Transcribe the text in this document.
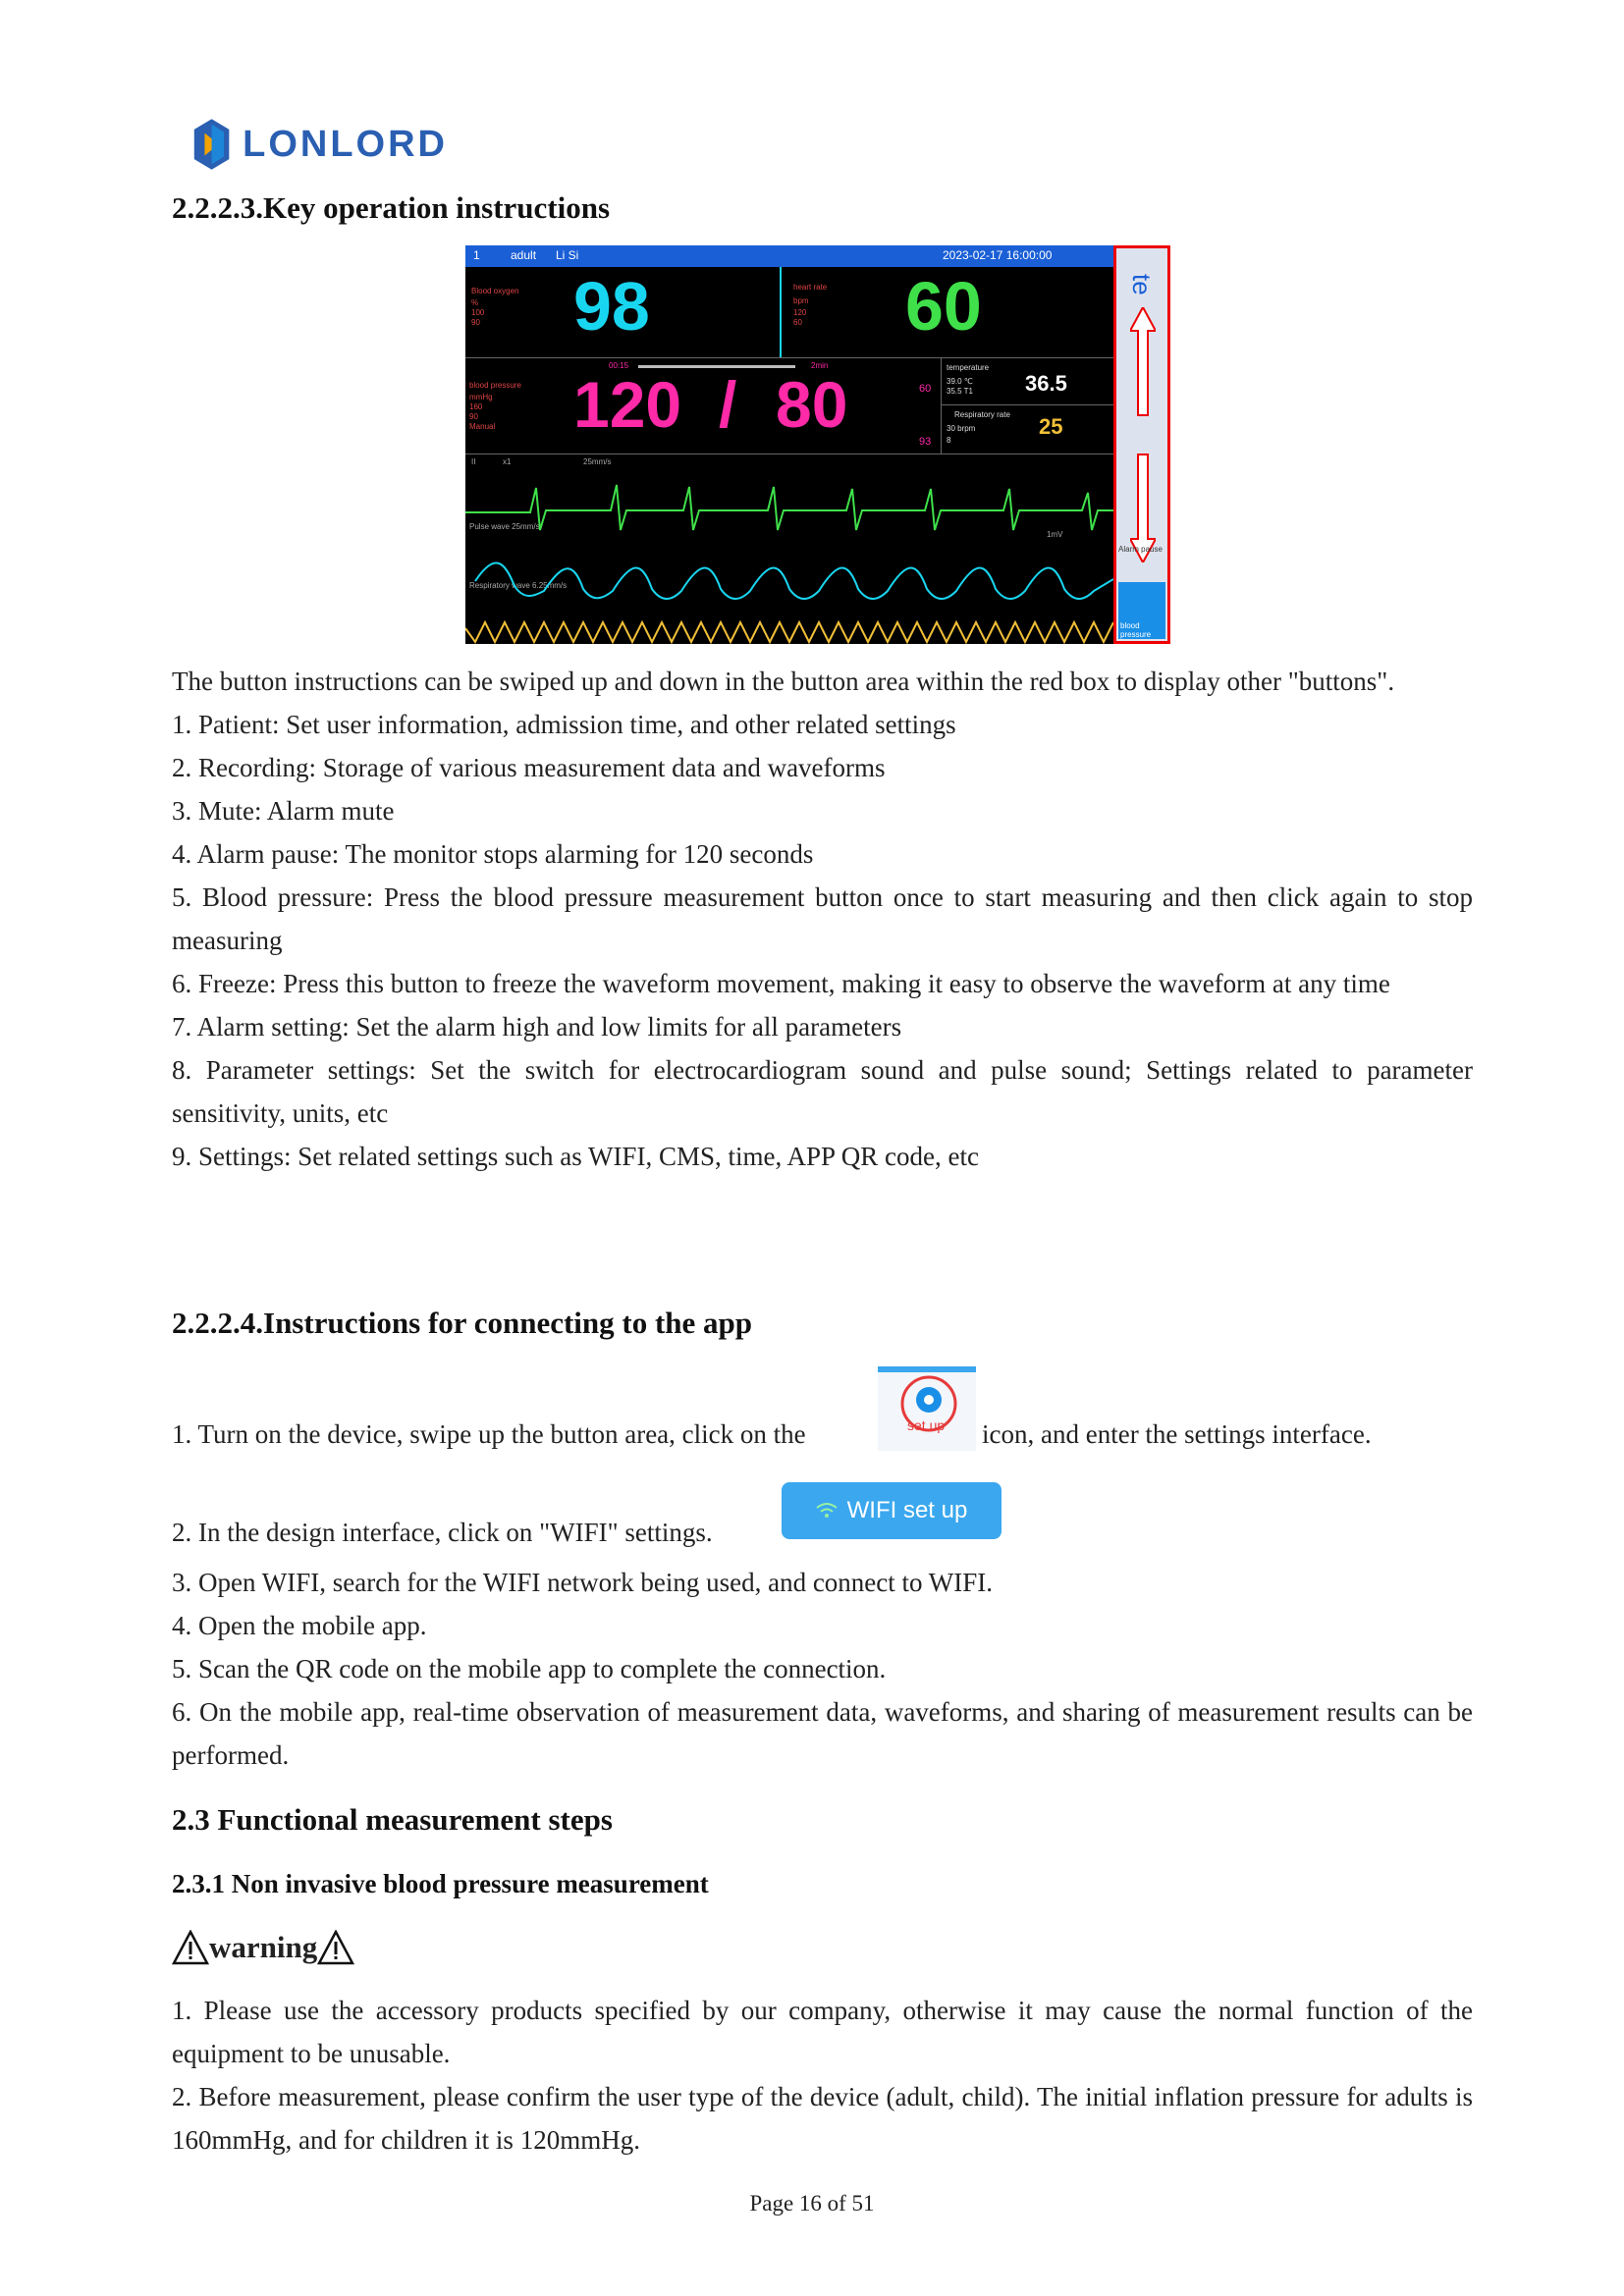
LONLORD
2.2.2.3.Key operation instructions
1	adult Li Si	2023-02-17 16:00:00
Blood oxygen
%
100
90 98	heart rate
bpm
120
60 60
blood pressure
mmHg
160
90
Manual
00:15	2min
120 / 80	60
93
temperature
39.0 ℃
35.5 T1 36.5
Respiratory rate
30 brpm
8
25
II	x1	25mm/s
1mV
Pulse wave 25mm/s
Respiratory wave 6.25mm/s
te
Alarm pause
blood pressure

The button instructions can be swiped up and down in the button area within the red box to display other "buttons".

1. Patient: Set user information, admission time, and other related settings

2. Recording: Storage of various measurement data and waveforms

3. Mute: Alarm mute

4. Alarm pause: The monitor stops alarming for 120 seconds

5. Blood pressure: Press the blood pressure measurement button once to start measuring and then click again to stop measuring

6. Freeze: Press this button to freeze the waveform movement, making it easy to observe the waveform at any time

7. Alarm setting: Set the alarm high and low limits for all parameters

8. Parameter settings: Set the switch for electrocardiogram sound and pulse sound; Settings related to parameter sensitivity, units, etc

9. Settings: Set related settings such as WIFI, CMS, time, APP QR code, etc

2.2.2.4.Instructions for connecting to the app
1. Turn on the device, swipe up the button area, click on the	set up icon, and enter the settings interface.
2. In the design interface, click on "WIFI" settings.
WIFI set up

3. Open WIFI, search for the WIFI network being used, and connect to WIFI.

4. Open the mobile app.

5. Scan the QR code on the mobile app to complete the connection.

6. On the mobile app, real-time observation of measurement data, waveforms, and sharing of measurement results can be performed.

2.3 Functional measurement steps
2.3.1 Non invasive blood pressure measurement
warning

1. Please use the accessory products specified by our company, otherwise it may cause the normal function of the equipment to be unusable.

2. Before measurement, please confirm the user type of the device (adult, child). The initial inflation pressure for adults is 160mmHg, and for children it is 120mmHg.

Page 16 of 51
